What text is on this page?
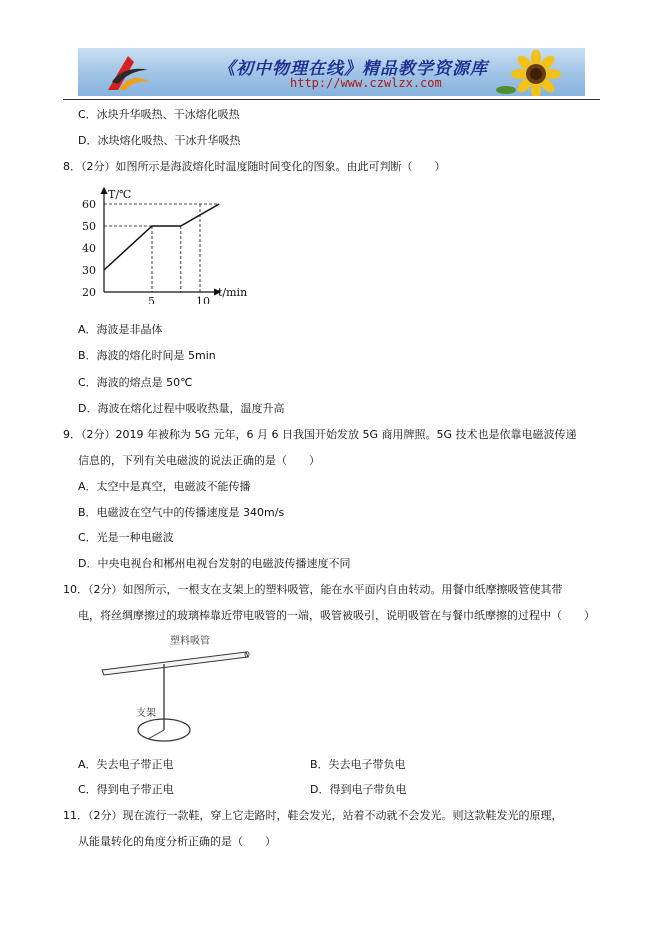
《初中物理在线》精品教学资源库
http://www.czwlzx.com
C．冰块升华吸热、干冰熔化吸热
D．冰块熔化吸热、干冰升华吸热
8．（2分）如图所示是海波熔化时温度随时间变化的图象。由此可判断（　　）
T/℃
t/min
20
30
40
50
60
5	10
A．海波是非晶体
B．海波的熔化时间是 5min
C．海波的熔点是 50℃
D．海波在熔化过程中吸收热量，温度升高
9．（2分）2019 年被称为 5G 元年，6 月 6 日我国开始发放 5G 商用牌照。5G 技术也是依靠电磁波传递
信息的，下列有关电磁波的说法正确的是（　　）
A．太空中是真空，电磁波不能传播
B．电磁波在空气中的传播速度是 340m/s
C．光是一种电磁波
D．中央电视台和郴州电视台发射的电磁波传播速度不同
10．（2分）如图所示，一根支在支架上的塑料吸管，能在水平面内自由转动。用餐巾纸摩擦吸管使其带
电，将丝绸摩擦过的玻璃棒靠近带电吸管的一端，吸管被吸引，说明吸管在与餐巾纸摩擦的过程中（　　）
塑料吸管
支架
A．失去电子带正电	B．失去电子带负电
C．得到电子带正电	D．得到电子带负电
11．（2分）现在流行一款鞋，穿上它走路时，鞋会发光，站着不动就不会发光。则这款鞋发光的原理，
从能量转化的角度分析正确的是（　　）
